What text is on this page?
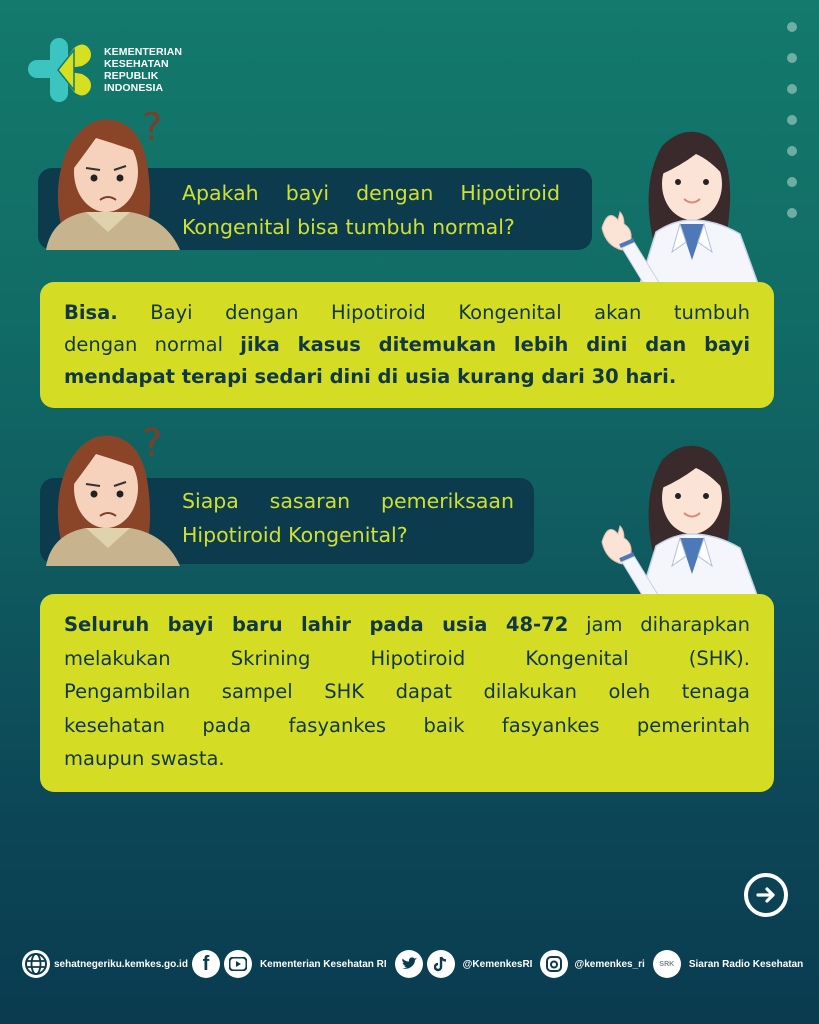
KEMENTERIAN
KESEHATAN
REPUBLIK
INDONESIA
?
Apakah bayi dengan Hipotiroid
Kongenital bisa tumbuh normal?
Bisa. Bayi dengan Hipotiroid Kongenital akan tumbuh
dengan normal jika kasus ditemukan lebih dini dan bayi
mendapat terapi sedari dini di usia kurang dari 30 hari.
?
Siapa sasaran pemeriksaan
Hipotiroid Kongenital?
Seluruh bayi baru lahir pada usia 48-72 jam diharapkan
melakukan Skrining Hipotiroid Kongenital (SHK).
Pengambilan sampel SHK dapat dilakukan oleh tenaga
kesehatan pada fasyankes baik fasyankes pemerintah
maupun swasta.
sehatnegeriku.kemkes.go.id f	Kementerian Kesehatan RI	@KemenkesRI	@kemenkes_ri SRK Siaran Radio Kesehatan
